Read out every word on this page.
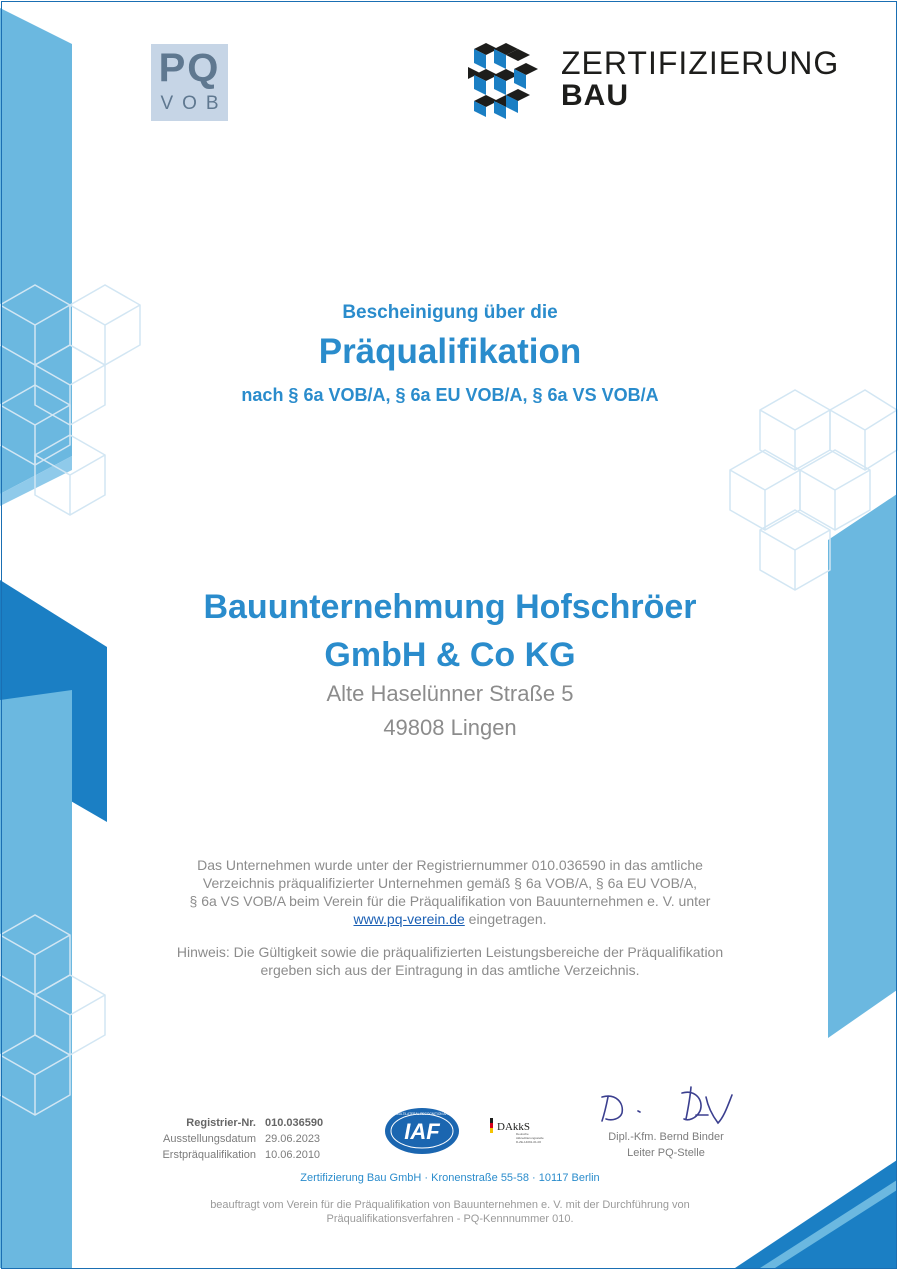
PQ
VOB
ZERTIFIZIERUNG
BAU
Bescheinigung über die
Präqualifikation
nach § 6a VOB/A, § 6a EU VOB/A, § 6a VS VOB/A
Bauunternehmung Hofschröer
GmbH & Co KG
Alte Haselünner Straße 5
49808 Lingen
Das Unternehmen wurde unter der Registriernummer 010.036590 in das amtliche
Verzeichnis präqualifizierter Unternehmen gemäß § 6a VOB/A, § 6a EU VOB/A,
§ 6a VS VOB/A beim Verein für die Präqualifikation von Bauunternehmen e. V. unter
www.pq-verein.de eingetragen.
Hinweis: Die Gültigkeit sowie die präqualifizierten Leistungsbereiche der Präqualifikation
ergeben sich aus der Eintragung in das amtliche Verzeichnis.
Registrier-Nr.
Ausstellungsdatum
Erstpräqualifikation
010.036590
29.06.2023
10.06.2010
IAF
MEMBER OF MULTILATERAL RECOGNITION ARRANGEMENT
DAkkS
Deutsche
Akkreditierungsstelle
D-ZE-14091-01-00	Dipl.-Kfm. Bernd Binder
Leiter PQ-Stelle
Zertifizierung Bau GmbH · Kronenstraße 55-58 · 10117 Berlin
beauftragt vom Verein für die Präqualifikation von Bauunternehmen e. V. mit der Durchführung von
Präqualifikationsverfahren - PQ-Kennnummer 010.
